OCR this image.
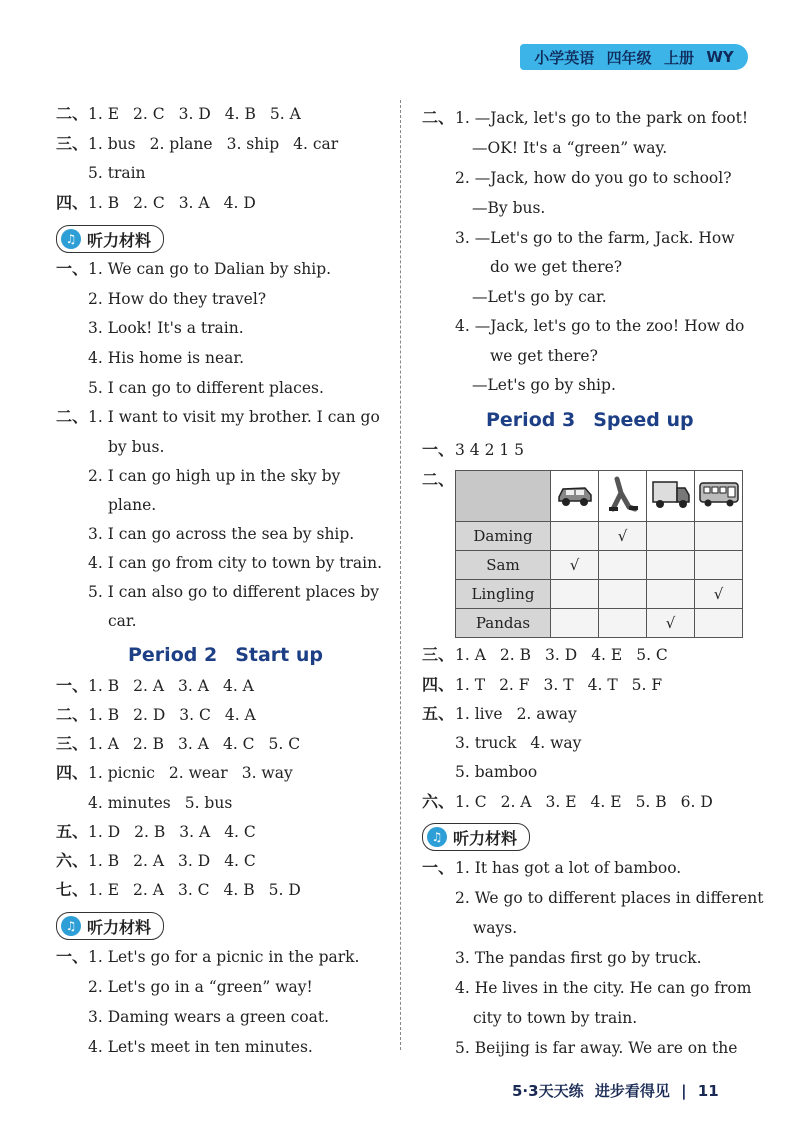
小学英语 四年级 上册 WY
二、 1. E 2. C 3. D 4. B 5. A
三、 1. bus 2. plane 3. ship 4. car
5. train
四、 1. B 2. C 3. A 4. D
♫ 听力材料
一、 1. We can go to Dalian by ship.
2. How do they travel?
3. Look! It's a train.
4. His home is near.
5. I can go to different places.
二、 1. I want to visit my brother. I can go
by bus.
2. I can go high up in the sky by
plane.
3. I can go across the sea by ship.
4. I can go from city to town by train.
5. I can also go to different places by
car.
Period 2 Start up
一、 1. B 2. A 3. A 4. A
二、 1. B 2. D 3. C 4. A
三、 1. A 2. B 3. A 4. C 5. C
四、 1. picnic 2. wear 3. way
4. minutes 5. bus
五、 1. D 2. B 3. A 4. C
六、 1. B 2. A 3. D 4. C
七、 1. E 2. A 3. C 4. B 5. D
♫ 听力材料
一、 1. Let's go for a picnic in the park.
2. Let's go in a “green” way!
3. Daming wears a green coat.
4. Let's meet in ten minutes.
二、 1. —Jack, let's go to the park on foot!
—OK! It's a “green” way.
2. —Jack, how do you go to school?
—By bus.
3. —Let's go to the farm, Jack. How
do we get there?
—Let's go by car.
4. —Jack, let's go to the zoo! How do
we get there?
—Let's go by ship.
Period 3 Speed up
一、 3 4 2 1 5
二、

Daming		√		
Sam	√			
Lingling				√
Pandas			√	
三、 1. A 2. B 3. D 4. E 5. C
四、 1. T 2. F 3. T 4. T 5. F
五、 1. live 2. away
3. truck 4. way
5. bamboo
六、 1. C 2. A 3. E 4. E 5. B 6. D
♫ 听力材料
一、 1. It has got a lot of bamboo.
2. We go to different places in different
ways.
3. The pandas first go by truck.
4. He lives in the city. He can go from
city to town by train.
5. Beijing is far away. We are on the
5·3天天练 进步看得见 | 11
